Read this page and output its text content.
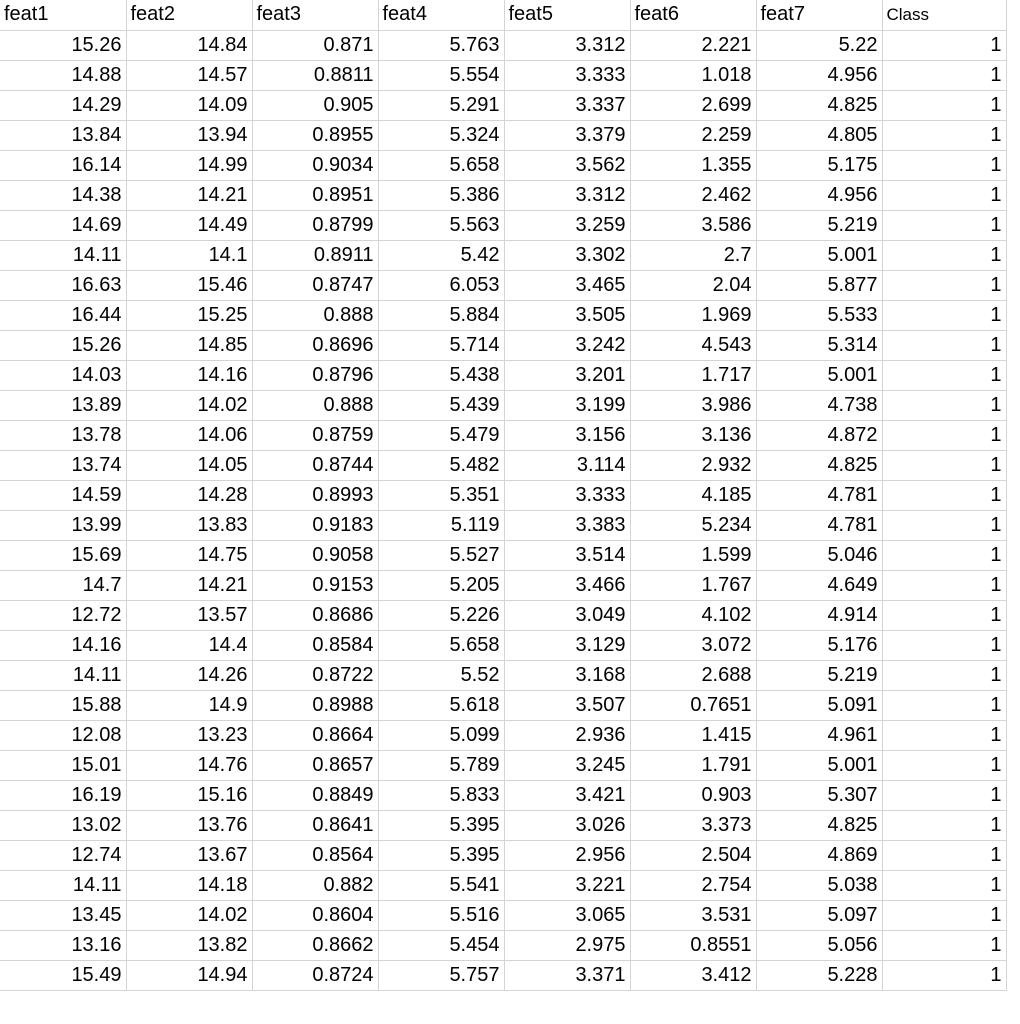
feat1	feat2	feat3	feat4	feat5	feat6	feat7	Class
15.26	14.84	0.871	5.763	3.312	2.221	5.22	1
14.88	14.57	0.8811	5.554	3.333	1.018	4.956	1
14.29	14.09	0.905	5.291	3.337	2.699	4.825	1
13.84	13.94	0.8955	5.324	3.379	2.259	4.805	1
16.14	14.99	0.9034	5.658	3.562	1.355	5.175	1
14.38	14.21	0.8951	5.386	3.312	2.462	4.956	1
14.69	14.49	0.8799	5.563	3.259	3.586	5.219	1
14.11	14.1	0.8911	5.42	3.302	2.7	5.001	1
16.63	15.46	0.8747	6.053	3.465	2.04	5.877	1
16.44	15.25	0.888	5.884	3.505	1.969	5.533	1
15.26	14.85	0.8696	5.714	3.242	4.543	5.314	1
14.03	14.16	0.8796	5.438	3.201	1.717	5.001	1
13.89	14.02	0.888	5.439	3.199	3.986	4.738	1
13.78	14.06	0.8759	5.479	3.156	3.136	4.872	1
13.74	14.05	0.8744	5.482	3.114	2.932	4.825	1
14.59	14.28	0.8993	5.351	3.333	4.185	4.781	1
13.99	13.83	0.9183	5.119	3.383	5.234	4.781	1
15.69	14.75	0.9058	5.527	3.514	1.599	5.046	1
14.7	14.21	0.9153	5.205	3.466	1.767	4.649	1
12.72	13.57	0.8686	5.226	3.049	4.102	4.914	1
14.16	14.4	0.8584	5.658	3.129	3.072	5.176	1
14.11	14.26	0.8722	5.52	3.168	2.688	5.219	1
15.88	14.9	0.8988	5.618	3.507	0.7651	5.091	1
12.08	13.23	0.8664	5.099	2.936	1.415	4.961	1
15.01	14.76	0.8657	5.789	3.245	1.791	5.001	1
16.19	15.16	0.8849	5.833	3.421	0.903	5.307	1
13.02	13.76	0.8641	5.395	3.026	3.373	4.825	1
12.74	13.67	0.8564	5.395	2.956	2.504	4.869	1
14.11	14.18	0.882	5.541	3.221	2.754	5.038	1
13.45	14.02	0.8604	5.516	3.065	3.531	5.097	1
13.16	13.82	0.8662	5.454	2.975	0.8551	5.056	1
15.49	14.94	0.8724	5.757	3.371	3.412	5.228	1
